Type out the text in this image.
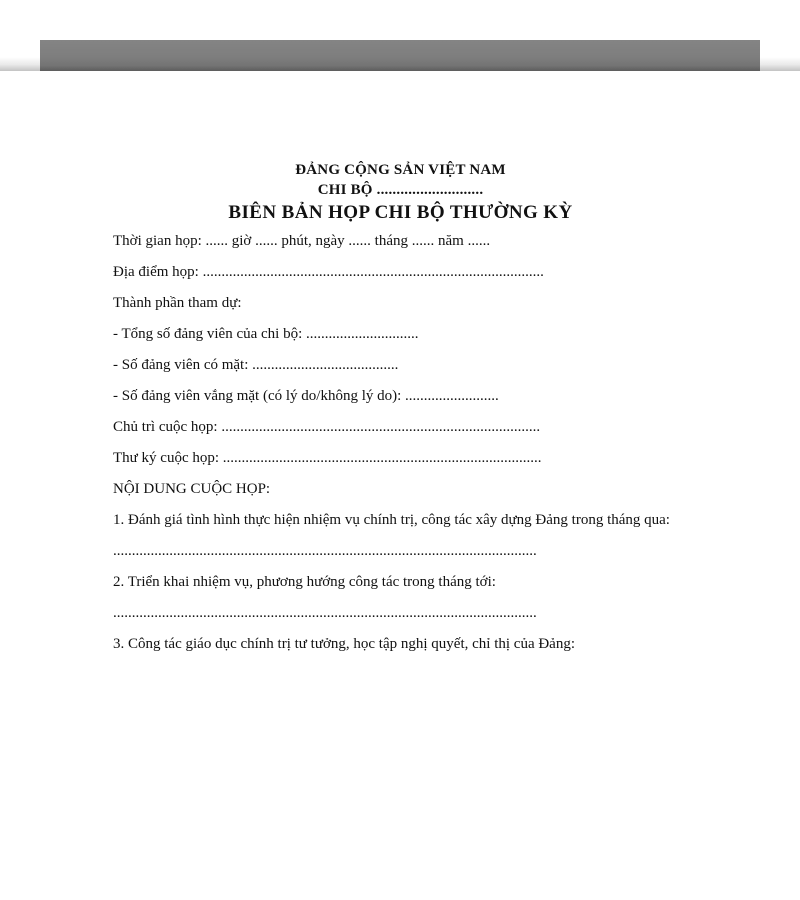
ĐẢNG CỘNG SẢN VIỆT NAM

CHI BỘ ...........................

BIÊN BẢN HỌP CHI BỘ THƯỜNG KỲ

Thời gian họp: ...... giờ ...... phút, ngày ...... tháng ...... năm ......

Địa điểm họp: ...........................................................................................

Thành phần tham dự:

- Tổng số đảng viên của chi bộ: ..............................

- Số đảng viên có mặt: .......................................

- Số đảng viên vắng mặt (có lý do/không lý do): .........................

Chủ trì cuộc họp: .....................................................................................

Thư ký cuộc họp: .....................................................................................

NỘI DUNG CUỘC HỌP:

1. Đánh giá tình hình thực hiện nhiệm vụ chính trị, công tác xây dựng Đảng trong tháng qua:

.................................................................................................................

2. Triển khai nhiệm vụ, phương hướng công tác trong tháng tới:

.................................................................................................................

3. Công tác giáo dục chính trị tư tưởng, học tập nghị quyết, chỉ thị của Đảng:
